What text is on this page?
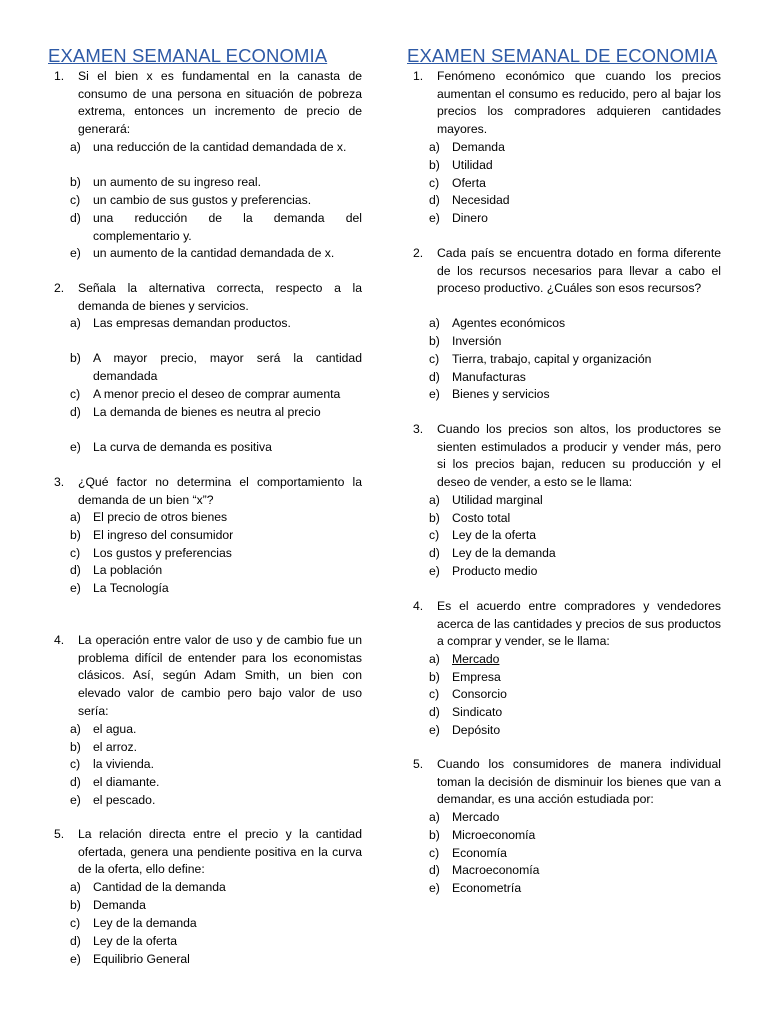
EXAMEN SEMANAL ECONOMIA
1. Si el bien x es fundamental en la canasta de consumo de una persona en situación de pobreza extrema, entonces un incremento de precio de generará:
a) una reducción de la cantidad demandada de x.
b) un aumento de su ingreso real.
c) un cambio de sus gustos y preferencias.
d) una reducción de la demanda del complementario y.
e) un aumento de la cantidad demandada de x.
2. Señala la alternativa correcta, respecto a la demanda de bienes y servicios.
a) Las empresas demandan productos.
b) A mayor precio, mayor será la cantidad demandada
c) A menor precio el deseo de comprar aumenta
d) La demanda de bienes es neutra al precio
e) La curva de demanda es positiva
3. ¿Qué factor no determina el comportamiento la demanda de un bien “x”?
a) El precio de otros bienes
b) El ingreso del consumidor
c) Los gustos y preferencias
d) La población
e) La Tecnología
4. La operación entre valor de uso y de cambio fue un problema difícil de entender para los economistas clásicos. Así, según Adam Smith, un bien con elevado valor de cambio pero bajo valor de uso sería:
a) el agua.
b) el arroz.
c) la vivienda.
d) el diamante.
e) el pescado.
5. La relación directa entre el precio y la cantidad ofertada, genera una pendiente positiva en la curva de la oferta, ello define:
a) Cantidad de la demanda
b) Demanda
c) Ley de la demanda
d) Ley de la oferta
e) Equilibrio General
EXAMEN SEMANAL DE ECONOMIA
1. Fenómeno económico que cuando los precios aumentan el consumo es reducido, pero al bajar los precios los compradores adquieren cantidades mayores.
a) Demanda
b) Utilidad
c) Oferta
d) Necesidad
e) Dinero
2. Cada país se encuentra dotado en forma diferente de los recursos necesarios para llevar a cabo el proceso productivo. ¿Cuáles son esos recursos?
a) Agentes económicos
b) Inversión
c) Tierra, trabajo, capital y organización
d) Manufacturas
e) Bienes y servicios
3. Cuando los precios son altos, los productores se sienten estimulados a producir y vender más, pero si los precios bajan, reducen su producción y el deseo de vender, a esto se le llama:
a) Utilidad marginal
b) Costo total
c) Ley de la oferta
d) Ley de la demanda
e) Producto medio
4. Es el acuerdo entre compradores y vendedores acerca de las cantidades y precios de sus productos a comprar y vender, se le llama:
a) Mercado
b) Empresa
c) Consorcio
d) Sindicato
e) Depósito
5. Cuando los consumidores de manera individual toman la decisión de disminuir los bienes que van a demandar, es una acción estudiada por:
a) Mercado
b) Microeconomía
c) Economía
d) Macroeconomía
e) Econometría
